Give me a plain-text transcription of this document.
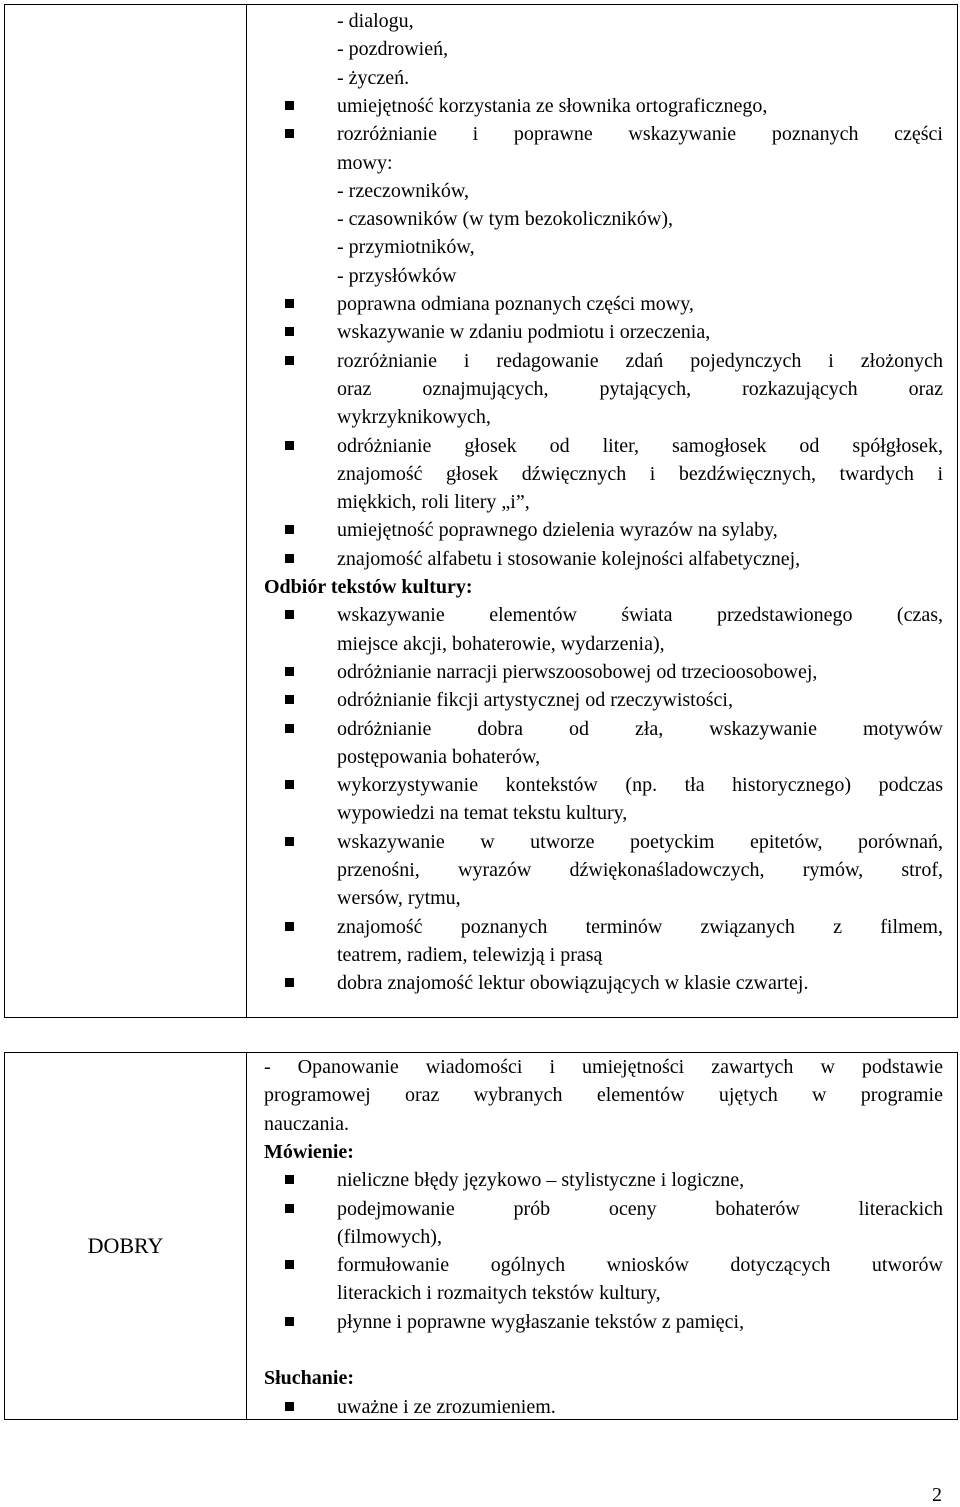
- dialogu,
- pozdrowień,
- życzeń.
umiejętność korzystania ze słownika ortograficznego,
rozróżnianie i poprawne wskazywanie poznanych części
mowy:
- rzeczowników,
- czasowników (w tym bezokoliczników),
- przymiotników,
- przysłówków
poprawna odmiana poznanych części mowy,
wskazywanie w zdaniu podmiotu i orzeczenia,
rozróżnianie i redagowanie zdań pojedynczych i złożonych
oraz oznajmujących, pytających, rozkazujących oraz
wykrzyknikowych,
odróżnianie głosek od liter, samogłosek od spółgłosek,
znajomość głosek dźwięcznych i bezdźwięcznych, twardych i
miękkich, roli litery „i”,
umiejętność poprawnego dzielenia wyrazów na sylaby,
znajomość alfabetu i stosowanie kolejności alfabetycznej,
Odbiór tekstów kultury:
wskazywanie elementów świata przedstawionego (czas,
miejsce akcji, bohaterowie, wydarzenia),
odróżnianie narracji pierwszoosobowej od trzecioosobowej,
odróżnianie fikcji artystycznej od rzeczywistości,
odróżnianie dobra od zła, wskazywanie motywów
postępowania bohaterów,
wykorzystywanie kontekstów (np. tła historycznego) podczas
wypowiedzi na temat tekstu kultury,
wskazywanie w utworze poetyckim epitetów, porównań,
przenośni, wyrazów dźwiękonaśladowczych, rymów, strof,
wersów, rytmu,
znajomość poznanych terminów związanych z filmem,
teatrem, radiem, telewizją i prasą
dobra znajomość lektur obowiązujących w klasie czwartej.
DOBRY
- Opanowanie wiadomości i umiejętności zawartych w podstawie
programowej oraz wybranych elementów ujętych w programie
nauczania.
Mówienie:
nieliczne błędy językowo – stylistyczne i logiczne,
podejmowanie prób oceny bohaterów literackich
(filmowych),
formułowanie ogólnych wniosków dotyczących utworów
literackich i rozmaitych tekstów kultury,
płynne i poprawne wygłaszanie tekstów z pamięci,
Słuchanie:
uważne i ze zrozumieniem.
2
